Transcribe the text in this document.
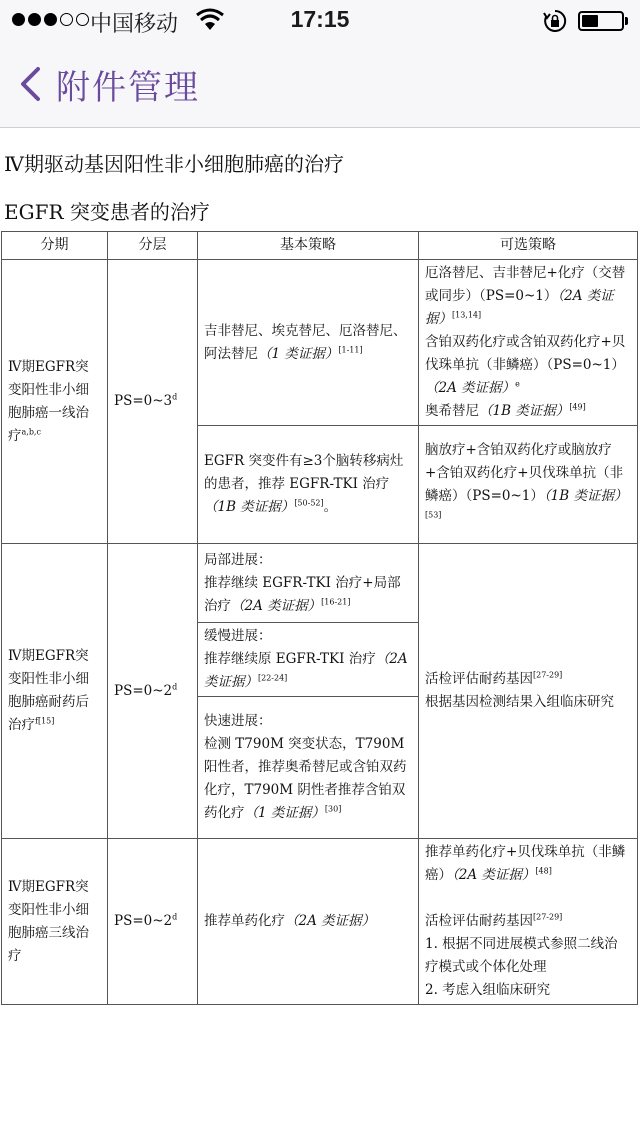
中国移动	17:15
附件管理
Ⅳ期驱动基因阳性非小细胞肺癌的治疗
EGFR 突变患者的治疗
分期	分层	基本策略	可选策略
Ⅳ期EGFR突变阳性非小细胞肺癌一线治疗$^{a,b,c}$	$PS=0\sim 3^d$	吉非替尼、埃克替尼、厄洛替尼、阿法替尼（1 类证据）[1-11]	厄洛替尼、吉非替尼+化疗（交替或同步）（PS=0~1）（2A 类证据）[13,14]
含铂双药化疗或含铂双药化疗+贝伐珠单抗（非鳞癌）（PS=0~1）（2A 类证据）$^e$
奥希替尼（1B 类证据）[49]
		EGFR 突变件有≥3个脑转移病灶的患者，推荐 EGFR-TKI 治疗（1B 类证据）[50-52]。	脑放疗+含铂双药化疗或脑放疗+含铂双药化疗+贝伐珠单抗（非鳞癌）（PS=0~1）（1B 类证据）[53]
Ⅳ期EGFR突变阳性非小细胞肺癌耐药后治疗$^{f[15]}$	$PS=0\sim 2^d$	局部进展：
推荐继续 EGFR-TKI 治疗+局部治疗（2A 类证据）[16-21]	活检评估耐药基因[27-29]
根据基因检测结果入组临床研究

		缓慢进展：
推荐继续原 EGFR-TKI 治疗（2A 类证据）[22-24]

		快速进展：
检测 T790M 突变状态，T790M 阳性者，推荐奥希替尼或含铂双药化疗，T790M 阴性者推荐含铂双药化疗（1 类证据）[30]
Ⅳ期EGFR突变阳性非小细胞肺癌三线治疗	$PS=0\sim 2^d$	推荐单药化疗（2A 类证据）	推荐单药化疗+贝伐珠单抗（非鳞癌）（2A 类证据）[48]
活检评估耐药基因[27-29]
1. 根据不同进展模式参照二线治疗模式或个体化处理
2. 考虑入组临床研究
